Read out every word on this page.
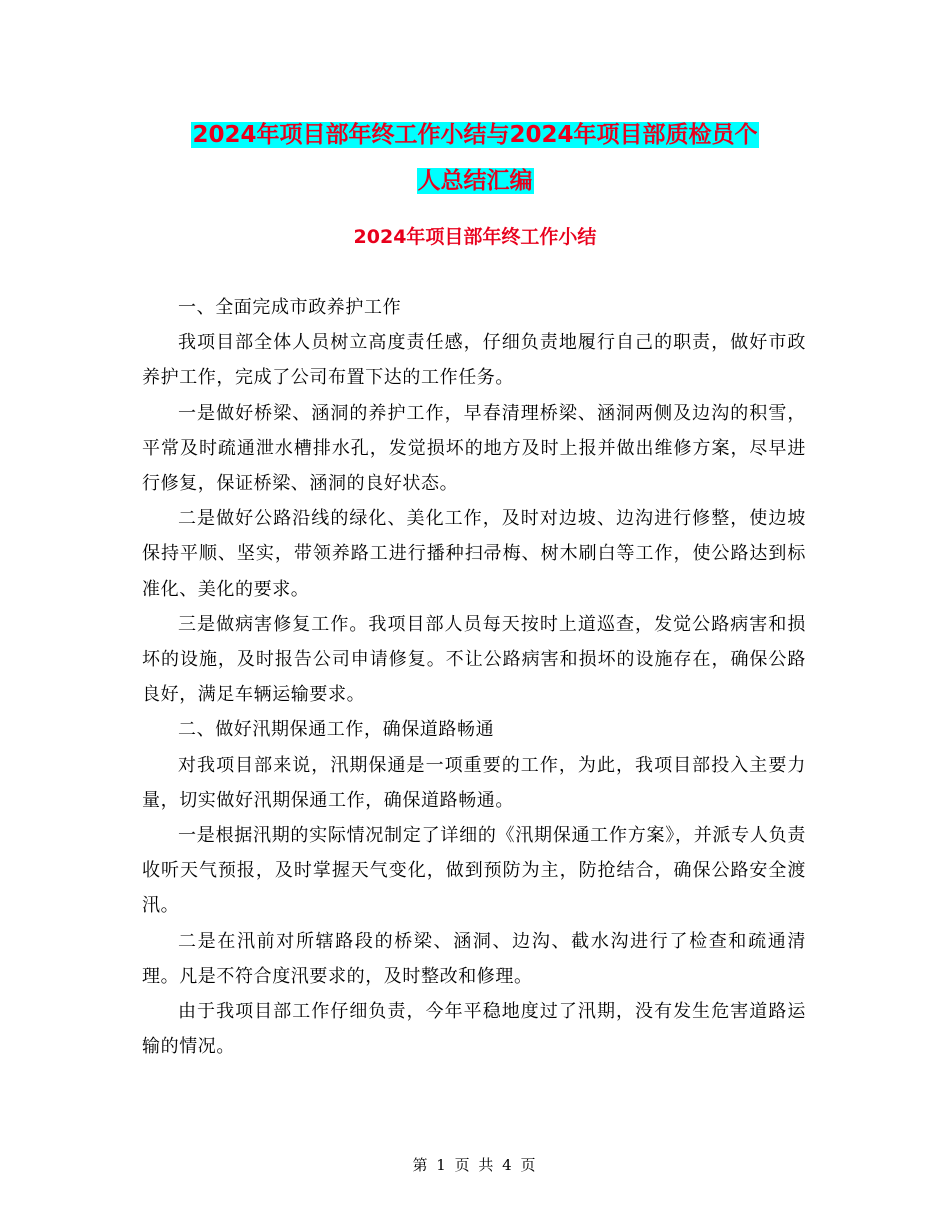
2024年项目部年终工作小结与2024年项目部质检员个
人总结汇编
2024年项目部年终工作小结

一、全面完成市政养护工作

我项目部全体人员树立高度责任感，仔细负责地履行自己的职责，做好市政养护工作，完成了公司布置下达的工作任务。

一是做好桥梁、涵洞的养护工作，早春清理桥梁、涵洞两侧及边沟的积雪，平常及时疏通泄水槽排水孔，发觉损坏的地方及时上报并做出维修方案，尽早进行修复，保证桥梁、涵洞的良好状态。

二是做好公路沿线的绿化、美化工作，及时对边坡、边沟进行修整，使边坡保持平顺、坚实，带领养路工进行播种扫帚梅、树木刷白等工作，使公路达到标准化、美化的要求。

三是做病害修复工作。我项目部人员每天按时上道巡查，发觉公路病害和损坏的设施，及时报告公司申请修复。不让公路病害和损坏的设施存在，确保公路良好，满足车辆运输要求。

二、做好汛期保通工作，确保道路畅通

对我项目部来说，汛期保通是一项重要的工作，为此，我项目部投入主要力量，切实做好汛期保通工作，确保道路畅通。

一是根据汛期的实际情况制定了详细的《汛期保通工作方案》，并派专人负责收听天气预报，及时掌握天气变化，做到预防为主，防抢结合，确保公路安全渡汛。

二是在汛前对所辖路段的桥梁、涵洞、边沟、截水沟进行了检查和疏通清理。凡是不符合度汛要求的，及时整改和修理。

由于我项目部工作仔细负责，今年平稳地度过了汛期，没有发生危害道路运输的情况。

第 1 页 共 4 页
